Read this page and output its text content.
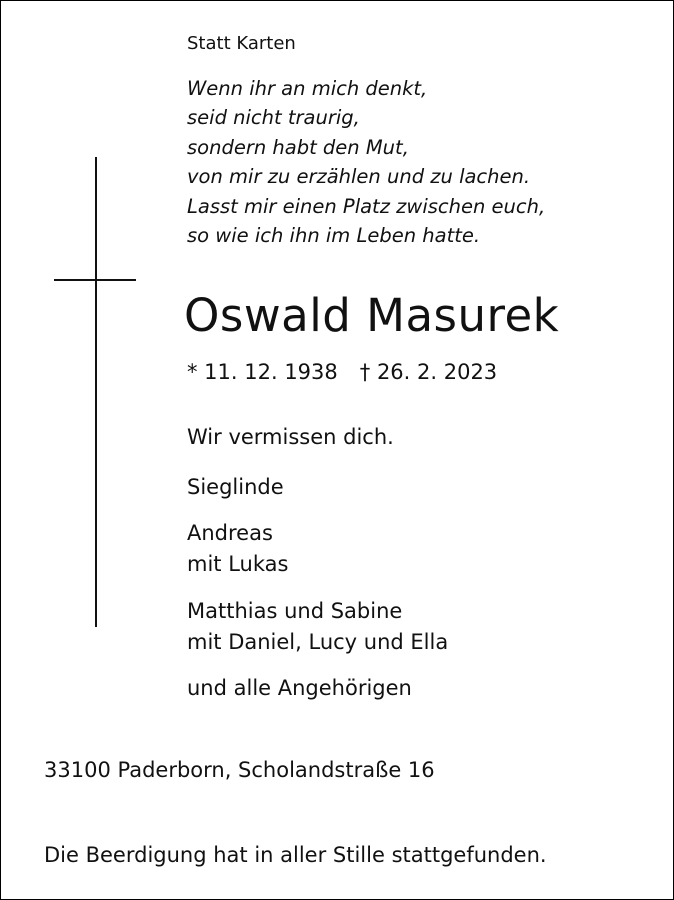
Statt Karten
Wenn ihr an mich denkt,
seid nicht traurig,
sondern habt den Mut,
von mir zu erzählen und zu lachen.
Lasst mir einen Platz zwischen euch,
so wie ich ihn im Leben hatte.
Oswald Masurek
* 11. 12. 1938 † 26. 2. 2023
Wir vermissen dich.
Sieglinde
Andreas
mit Lukas
Matthias und Sabine
mit Daniel, Lucy und Ella
und alle Angehörigen
33100 Paderborn, Scholandstraße 16
Die Beerdigung hat in aller Stille stattgefunden.
